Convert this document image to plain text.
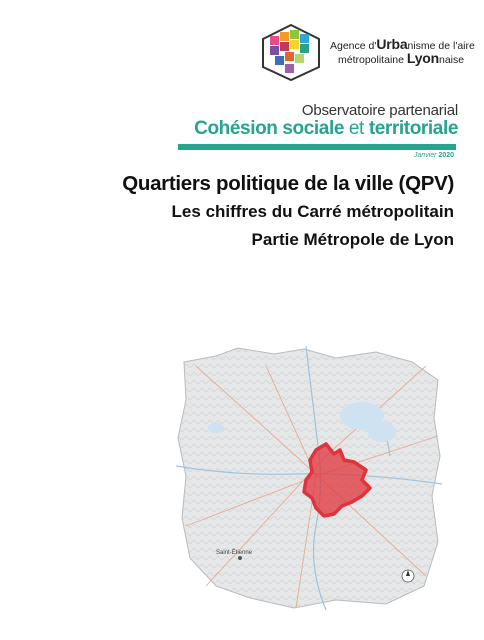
Agence d'Urbanisme de l'aire
métropolitaine Lyonnaise
Observatoire partenarial
Cohésion sociale et territoriale
Janvier 2020
Quartiers politique de la ville (QPV)
Les chiffres du Carré métropolitain
Partie Métropole de Lyon
Saint-Étienne
